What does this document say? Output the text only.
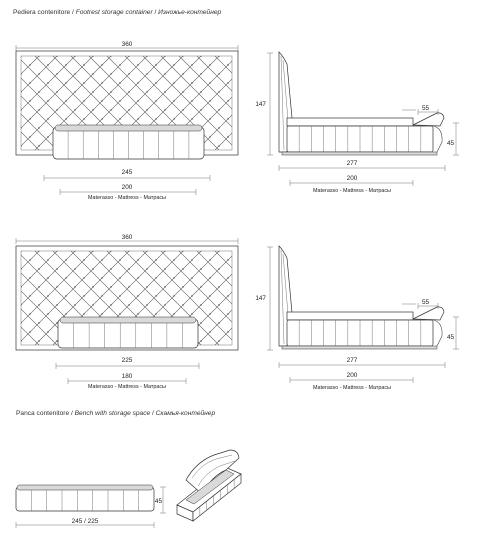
Pediera contenitore / Footrest storage container / Изножье-контейнер
Panca contenitore / Bench with storage space / Скамья-контейнер
360
245
200
Materasso - Mattress - Матрасы
147
55
45
277
200
Materasso - Mattress - Матрасы
360
225
180
Materasso - Mattress - Матрасы
147
55
45
277
200
Materasso - Mattress - Матрасы
45
245 / 225
